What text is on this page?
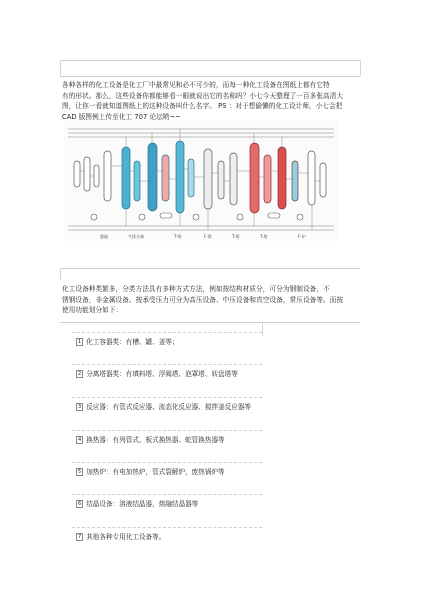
各种各样的化工设备是化工厂中最常见和必不可少的，而每一种化工设备在图纸上都有它特
有的形状。那么，这些设备你都能够看一眼就说出它的名称吗？小七今天整理了一百多张高清大
图，让你一看就知道图纸上的这种设备叫什么名字。 PS ：对于想偷懒的化工设计师，小七会把
CAD 版图例上传至化工 707 论坛哟~~
脱硫	气体分离	T-塔	F-塔	T-塔	T-塔	F-炉
化工设备种类繁多，分类方法具有多种方式方法，例如按结构材质分，可分为钢制设备，不
锈钢设备，非金属设备。按承受压力可分为高压设备、中压设备和真空设备，常压设备等。而按
使用功能划分如下：
1 化工容器类：有槽、罐、釜等；
2 分离塔器类：有填料塔、浮阀塔、泡罩塔、转盘塔等
3 反应器：有管式反应器、流态化反应器、搅拌釜反应器等
4 换热器：有列管式、板式换热器、蛇管换热器等
5 加热炉：有电加热炉，管式裂解炉，废热锅炉等
6 结晶设备：溶液结晶器，熔融结晶器等
7 其他各种专用化工设备等。
